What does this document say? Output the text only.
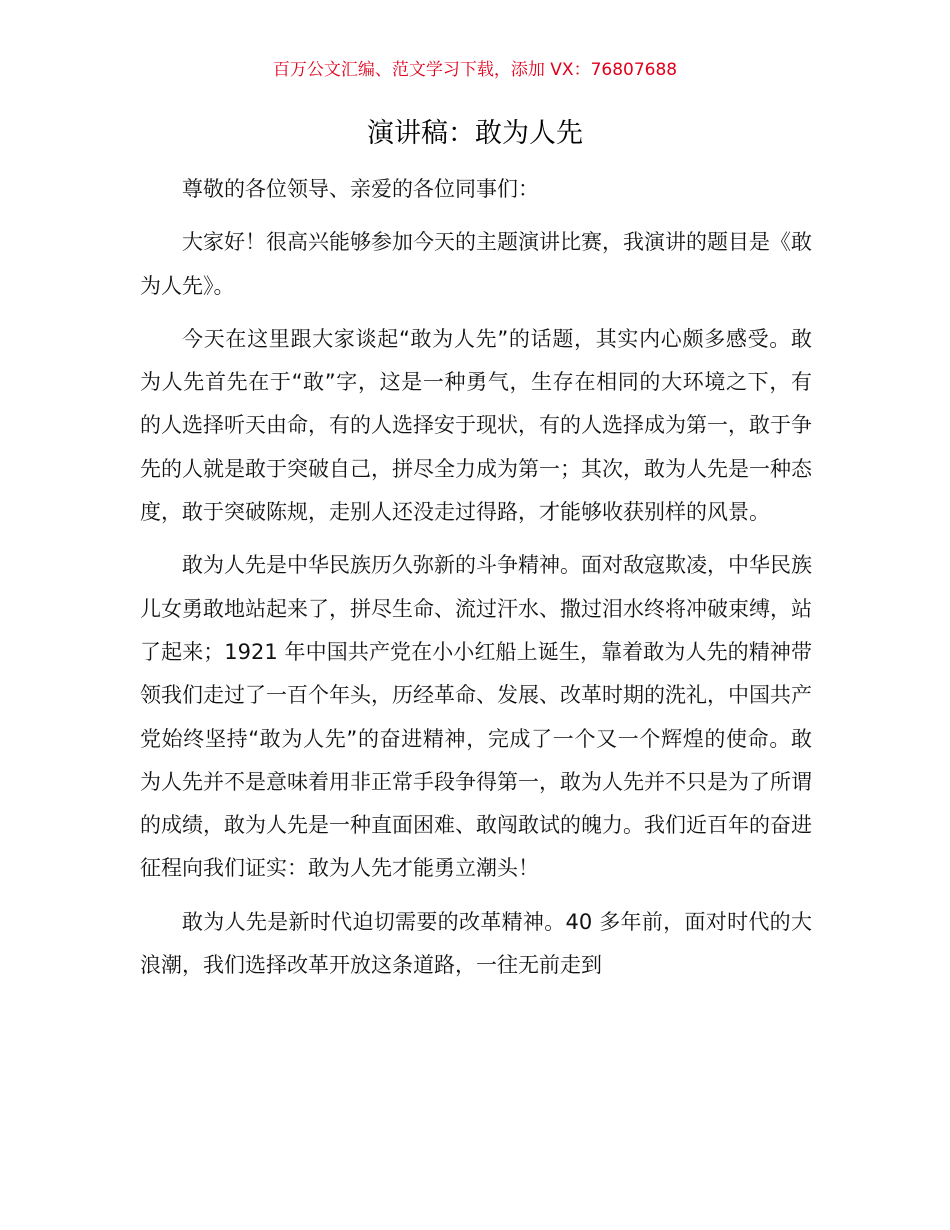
百万公文汇编、范文学习下载，添加 VX：76807688
演讲稿：敢为人先

尊敬的各位领导、亲爱的各位同事们：

大家好！很高兴能够参加今天的主题演讲比赛，我演讲的题目是《敢为人先》。

今天在这里跟大家谈起“敢为人先”的话题，其实内心颇多感受。敢为人先首先在于“敢”字，这是一种勇气，生存在相同的大环境之下，有的人选择听天由命，有的人选择安于现状，有的人选择成为第一，敢于争先的人就是敢于突破自己，拼尽全力成为第一；其次，敢为人先是一种态度，敢于突破陈规，走别人还没走过得路，才能够收获别样的风景。

敢为人先是中华民族历久弥新的斗争精神。面对敌寇欺凌，中华民族儿女勇敢地站起来了，拼尽生命、流过汗水、撒过泪水终将冲破束缚，站了起来；1921 年中国共产党在小小红船上诞生，靠着敢为人先的精神带领我们走过了一百个年头，历经革命、发展、改革时期的洗礼，中国共产党始终坚持“敢为人先”的奋进精神，完成了一个又一个辉煌的使命。敢为人先并不是意味着用非正常手段争得第一，敢为人先并不只是为了所谓的成绩，敢为人先是一种直面困难、敢闯敢试的魄力。我们近百年的奋进征程向我们证实：敢为人先才能勇立潮头！

敢为人先是新时代迫切需要的改革精神。40 多年前，面对时代的大浪潮，我们选择改革开放这条道路，一往无前走到
